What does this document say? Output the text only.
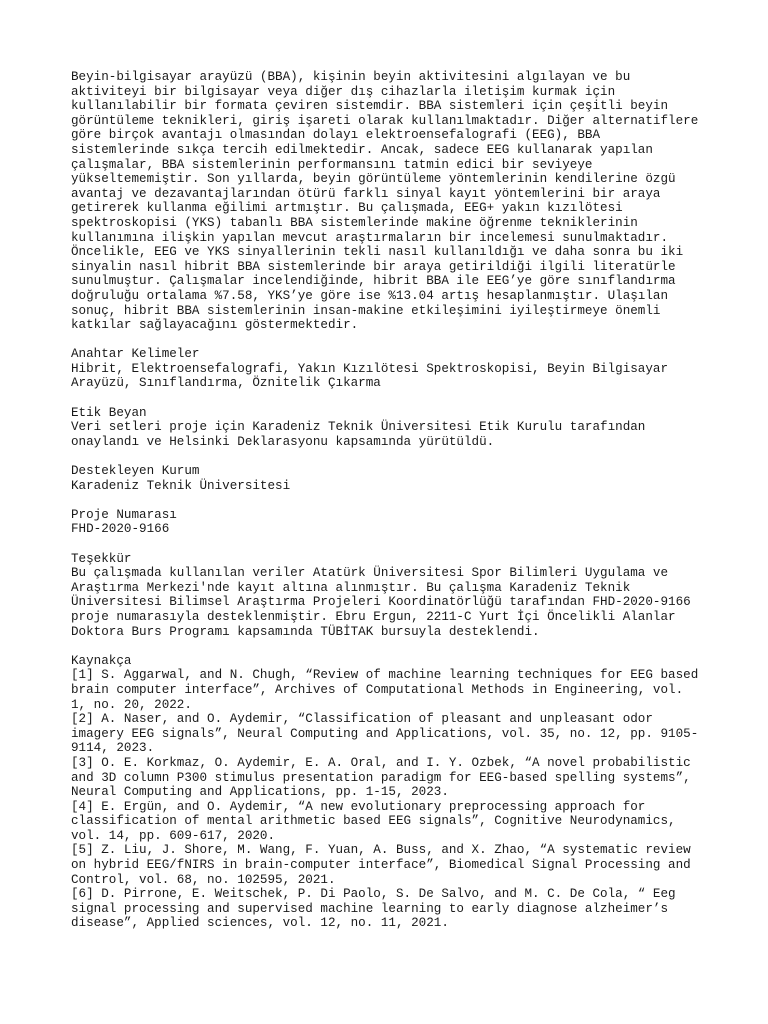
Beyin-bilgisayar arayüzü (BBA), kişinin beyin aktivitesini algılayan ve bu
aktiviteyi bir bilgisayar veya diğer dış cihazlarla iletişim kurmak için
kullanılabilir bir formata çeviren sistemdir. BBA sistemleri için çeşitli beyin
görüntüleme teknikleri, giriş işareti olarak kullanılmaktadır. Diğer alternatiflere
göre birçok avantajı olmasından dolayı elektroensefalografi (EEG), BBA
sistemlerinde sıkça tercih edilmektedir. Ancak, sadece EEG kullanarak yapılan
çalışmalar, BBA sistemlerinin performansını tatmin edici bir seviyeye
yükseltememiştir. Son yıllarda, beyin görüntüleme yöntemlerinin kendilerine özgü
avantaj ve dezavantajlarından ötürü farklı sinyal kayıt yöntemlerini bir araya
getirerek kullanma eğilimi artmıştır. Bu çalışmada, EEG+ yakın kızılötesi
spektroskopisi (YKS) tabanlı BBA sistemlerinde makine öğrenme tekniklerinin
kullanımına ilişkin yapılan mevcut araştırmaların bir incelemesi sunulmaktadır.
Öncelikle, EEG ve YKS sinyallerinin tekli nasıl kullanıldığı ve daha sonra bu iki
sinyalin nasıl hibrit BBA sistemlerinde bir araya getirildiği ilgili literatürle
sunulmuştur. Çalışmalar incelendiğinde, hibrit BBA ile EEG’ye göre sınıflandırma
doğruluğu ortalama %7.58, YKS’ye göre ise %13.04 artış hesaplanmıştır. Ulaşılan
sonuç, hibrit BBA sistemlerinin insan-makine etkileşimini iyileştirmeye önemli
katkılar sağlayacağını göstermektedir.
Anahtar Kelimeler
Hibrit, Elektroensefalografi, Yakın Kızılötesi Spektroskopisi, Beyin Bilgisayar
Arayüzü, Sınıflandırma, Öznitelik Çıkarma
Etik Beyan
Veri setleri proje için Karadeniz Teknik Üniversitesi Etik Kurulu tarafından
onaylandı ve Helsinki Deklarasyonu kapsamında yürütüldü.
Destekleyen Kurum
Karadeniz Teknik Üniversitesi
Proje Numarası
FHD-2020-9166
Teşekkür
Bu çalışmada kullanılan veriler Atatürk Üniversitesi Spor Bilimleri Uygulama ve
Araştırma Merkezi'nde kayıt altına alınmıştır. Bu çalışma Karadeniz Teknik
Üniversitesi Bilimsel Araştırma Projeleri Koordinatörlüğü tarafından FHD-2020-9166
proje numarasıyla desteklenmiştir. Ebru Ergun, 2211-C Yurt İçi Öncelikli Alanlar
Doktora Burs Programı kapsamında TÜBİTAK bursuyla desteklendi.
Kaynakça
[1] S. Aggarwal, and N. Chugh, “Review of machine learning techniques for EEG based
brain computer interface”, Archives of Computational Methods in Engineering, vol.
1, no. 20, 2022.
[2] A. Naser, and O. Aydemir, “Classification of pleasant and unpleasant odor
imagery EEG signals”, Neural Computing and Applications, vol. 35, no. 12, pp. 9105-
9114, 2023.
[3] O. E. Korkmaz, O. Aydemir, E. A. Oral, and I. Y. Ozbek, “A novel probabilistic
and 3D column P300 stimulus presentation paradigm for EEG-based spelling systems”,
Neural Computing and Applications, pp. 1-15, 2023.
[4] E. Ergün, and O. Aydemir, “A new evolutionary preprocessing approach for
classification of mental arithmetic based EEG signals”, Cognitive Neurodynamics,
vol. 14, pp. 609-617, 2020.
[5] Z. Liu, J. Shore, M. Wang, F. Yuan, A. Buss, and X. Zhao, “A systematic review
on hybrid EEG/fNIRS in brain-computer interface”, Biomedical Signal Processing and
Control, vol. 68, no. 102595, 2021.
[6] D. Pirrone, E. Weitschek, P. Di Paolo, S. De Salvo, and M. C. De Cola, “ Eeg
signal processing and supervised machine learning to early diagnose alzheimer’s
disease”, Applied sciences, vol. 12, no. 11, 2021.
